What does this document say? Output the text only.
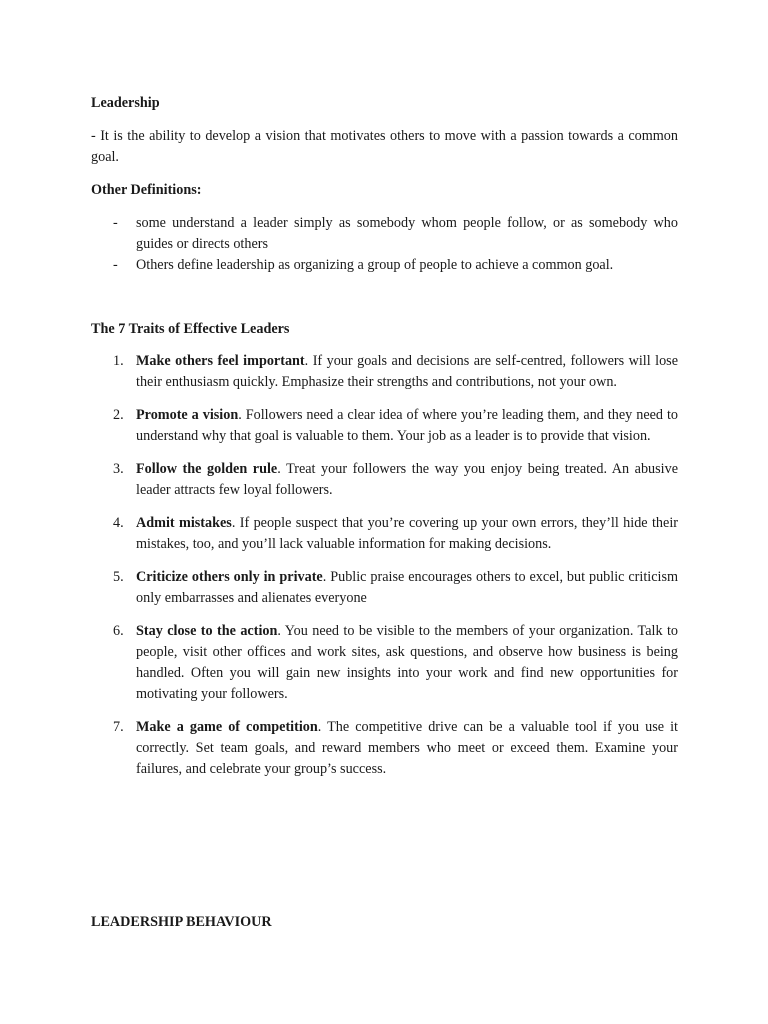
Leadership

- It is the ability to develop a vision that motivates others to move with a passion towards a common goal.

Other Definitions:

- some understand a leader simply as somebody whom people follow, or as somebody who guides or directs others
- Others define leadership as organizing a group of people to achieve a common goal.

The 7 Traits of Effective Leaders

1. Make others feel important. If your goals and decisions are self-centred, followers will lose their enthusiasm quickly. Emphasize their strengths and contributions, not your own.
2. Promote a vision. Followers need a clear idea of where you’re leading them, and they need to understand why that goal is valuable to them. Your job as a leader is to provide that vision.
3. Follow the golden rule. Treat your followers the way you enjoy being treated. An abusive leader attracts few loyal followers.
4. Admit mistakes. If people suspect that you’re covering up your own errors, they’ll hide their mistakes, too, and you’ll lack valuable information for making decisions.
5. Criticize others only in private. Public praise encourages others to excel, but public criticism only embarrasses and alienates everyone
6. Stay close to the action. You need to be visible to the members of your organization. Talk to people, visit other offices and work sites, ask questions, and observe how business is being handled. Often you will gain new insights into your work and find new opportunities for motivating your followers.
7. Make a game of competition. The competitive drive can be a valuable tool if you use it correctly. Set team goals, and reward members who meet or exceed them. Examine your failures, and celebrate your group’s success.

LEADERSHIP BEHAVIOUR
